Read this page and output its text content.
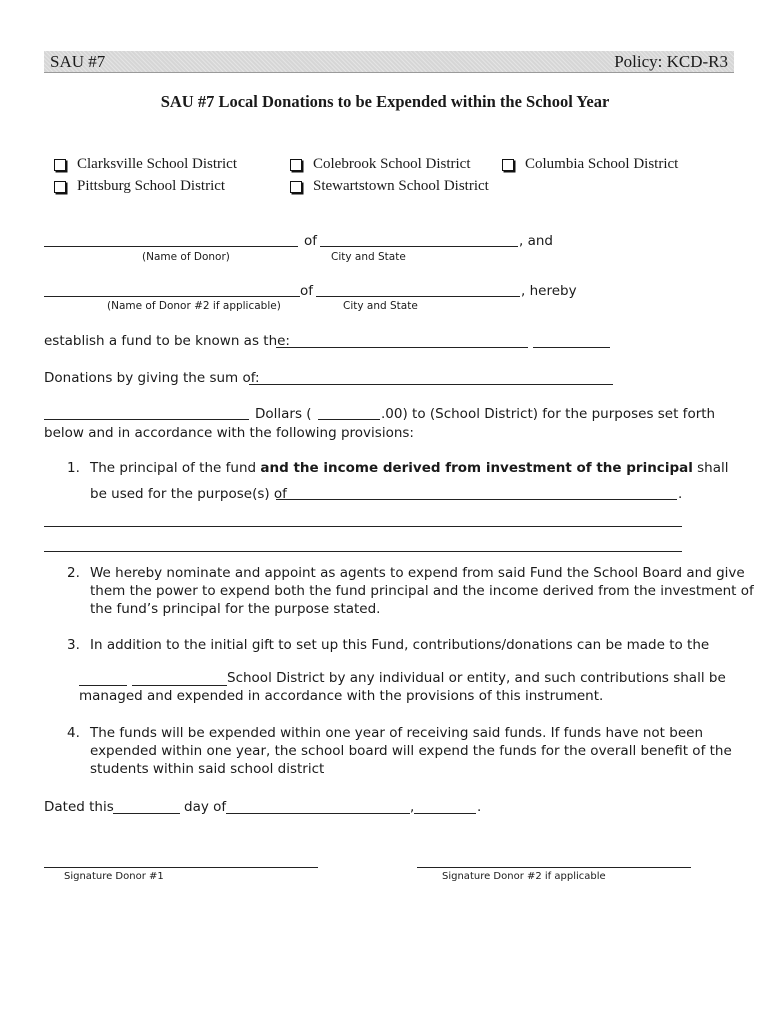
SAU #7	Policy: KCD-R3
SAU #7 Local Donations to be Expended within the School Year
Clarksville School District	Colebrook School District	Columbia School District
Pittsburg School District	Stewartstown School District
of	, and
(Name of Donor)	City and State
of	, hereby
(Name of Donor #2 if applicable)	City and State
establish a fund to be known as the:
Donations by giving the sum of:
Dollars (	.00) to (School District) for the purposes set forth
below and in accordance with the following provisions:
1. The principal of the fund and the income derived from investment of the principal shall
be used for the purpose(s) of	.
2. We hereby nominate and appoint as agents to expend from said Fund the School Board and give
them the power to expend both the fund principal and the income derived from the investment of
the fund’s principal for the purpose stated.
3. In addition to the initial gift to set up this Fund, contributions/donations can be made to the
School District by any individual or entity, and such contributions shall be
managed and expended in accordance with the provisions of this instrument.
4. The funds will be expended within one year of receiving said funds. If funds have not been
expended within one year, the school board will expend the funds for the overall benefit of the
students within said school district
Dated this	day of	,	.
Signature Donor #1	Signature Donor #2 if applicable
